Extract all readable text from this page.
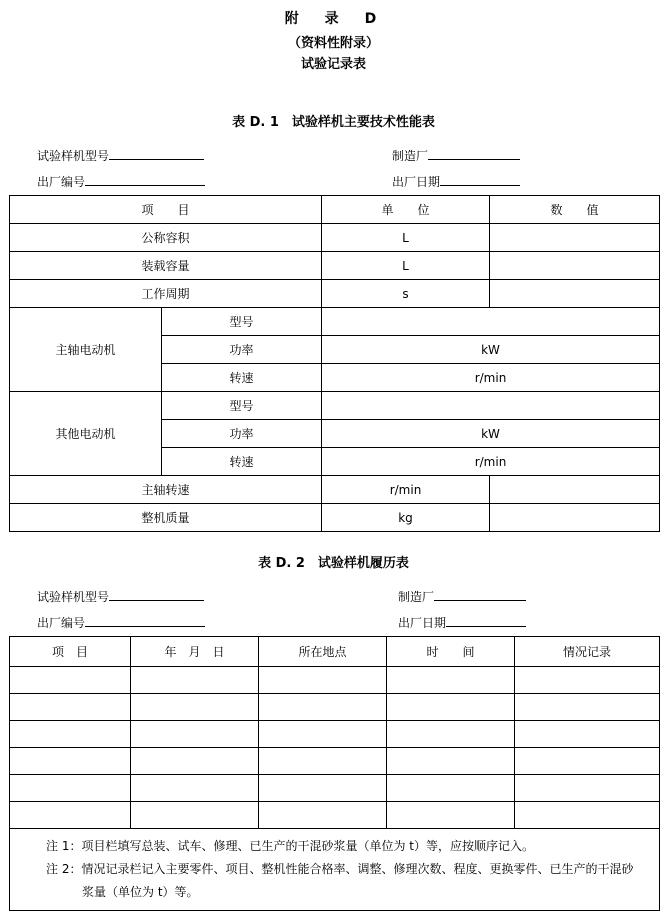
附　录　D
（资料性附录）
试验记录表
表 D. 1　试验样机主要技术性能表
试验样机型号	制造厂
出厂编号	出厂日期
项　　目		单　　位	数　　值
公称容积		L	
装载容量		L	
工作周期		s	
主轴电动机	型号		
	功率	kW	
	转速	r/min	
其他电动机	型号		
	功率	kW	
	转速	r/min	
主轴转速		r/min	
整机质量		kg	
表 D. 2　试验样机履历表
试验样机型号	制造厂
出厂编号	出厂日期
项　目	年　月　日	所在地点	时　　间	情况记录

注 1：项目栏填写总装、试车、修理、已生产的干混砂浆量（单位为 t）等，应按顺序记入。
注 2：情况记录栏记入主要零件、项目、整机性能合格率、调整、修理次数、程度、更换零件、已生产的干混砂
浆量（单位为 t）等。				
